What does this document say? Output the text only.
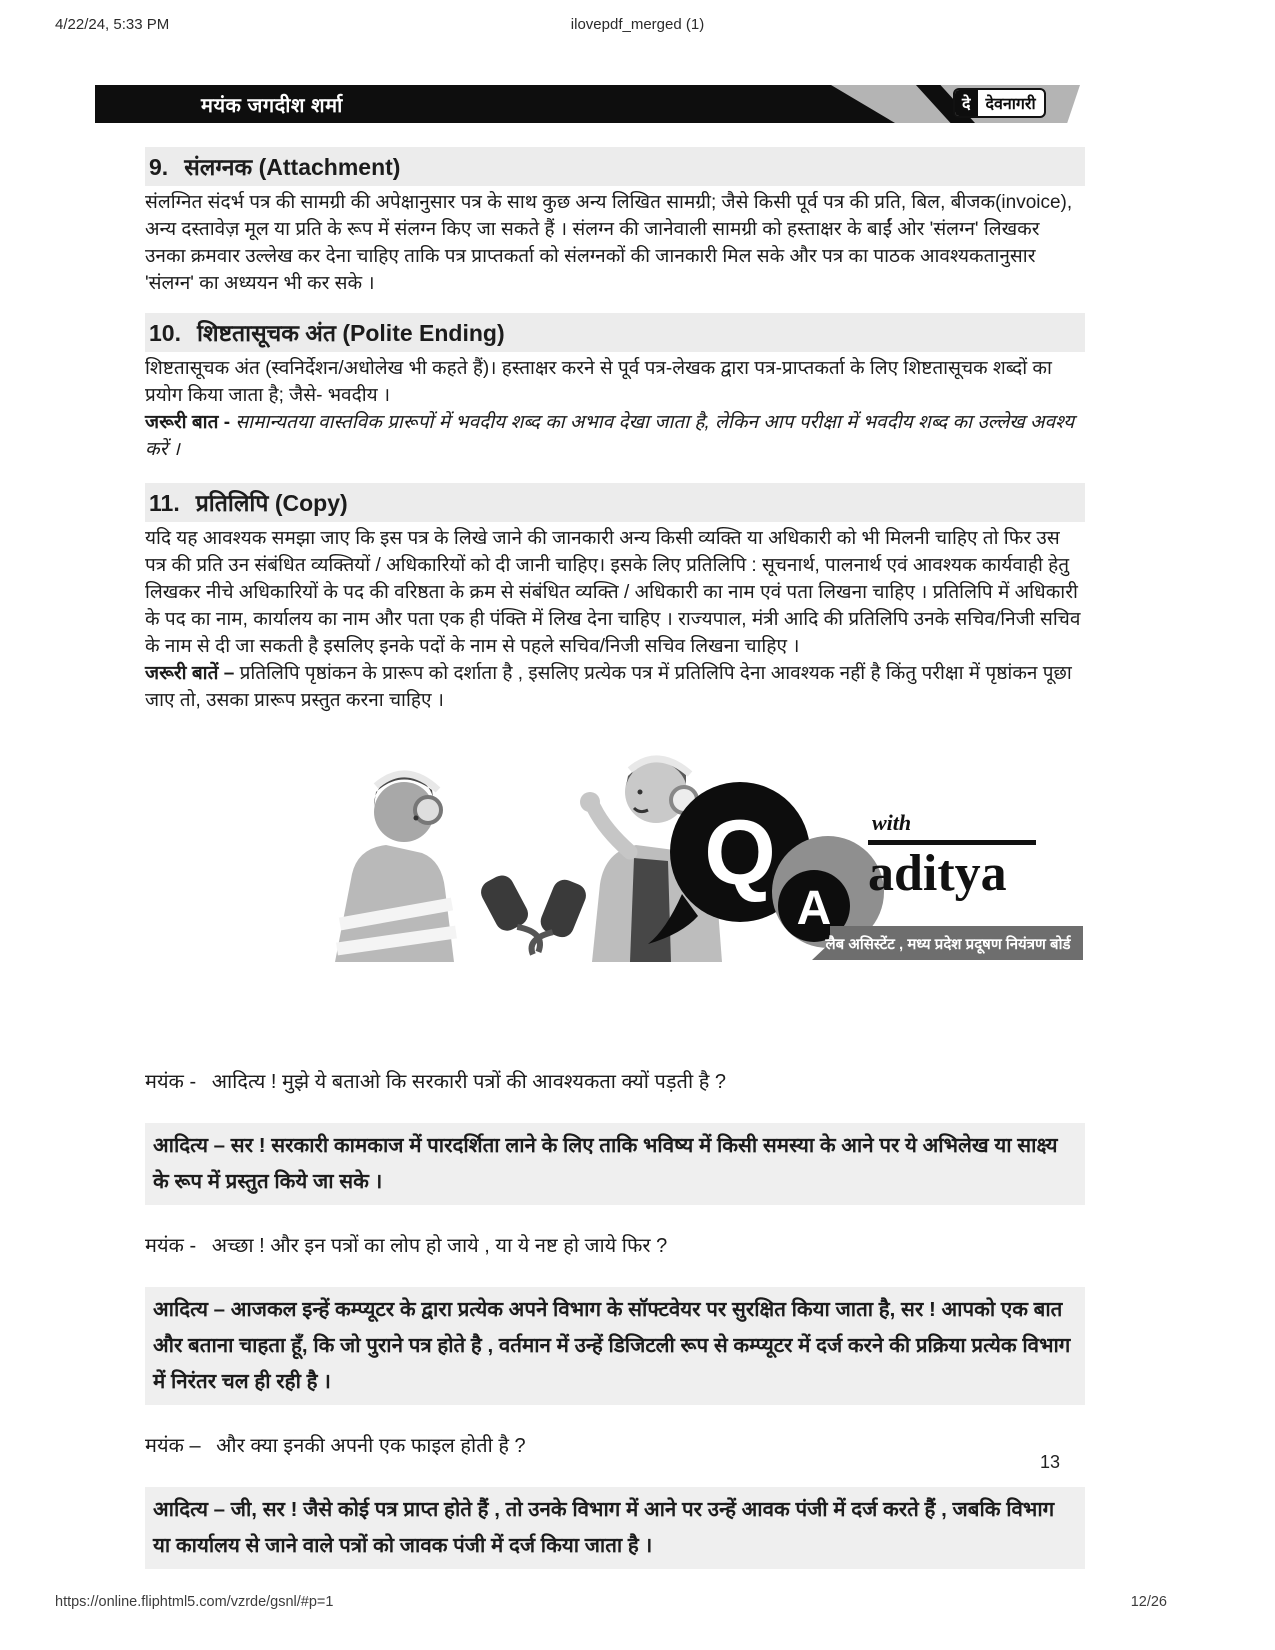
4/22/24, 5:33 PM	ilovepdf_merged (1)
मयंक जगदीश शर्मा	दे देवनागरी
9. संलग्नक (Attachment)

संलग्नित संदर्भ पत्र की सामग्री की अपेक्षानुसार पत्र के साथ कुछ अन्य लिखित सामग्री; जैसे किसी पूर्व पत्र की प्रति, बिल, बीजक(invoice), अन्य दस्तावेज़ मूल या प्रति के रूप में संलग्न किए जा सकते हैं । संलग्न की जानेवाली सामग्री को हस्ताक्षर के बाईं ओर 'संलग्न' लिखकर उनका क्रमवार उल्लेख कर देना चाहिए ताकि पत्र प्राप्तकर्ता को संलग्नकों की जानकारी मिल सके और पत्र का पाठक आवश्यकतानुसार 'संलग्न' का अध्ययन भी कर सके ।

10. शिष्टतासूचक अंत (Polite Ending)

शिष्टतासूचक अंत (स्वनिर्देशन/अधोलेख भी कहते हैं)। हस्ताक्षर करने से पूर्व पत्र-लेखक द्वारा पत्र-प्राप्तकर्ता के लिए शिष्टतासूचक शब्दों का प्रयोग किया जाता है; जैसे- भवदीय ।

जरूरी बात - सामान्यतया वास्तविक प्रारूपों में भवदीय शब्द का अभाव देखा जाता है, लेकिन आप परीक्षा में भवदीय शब्द का उल्लेख अवश्य करें ।

11. प्रतिलिपि (Copy)

यदि यह आवश्यक समझा जाए कि इस पत्र के लिखे जाने की जानकारी अन्य किसी व्यक्ति या अधिकारी को भी मिलनी चाहिए तो फिर उस पत्र की प्रति उन संबंधित व्यक्तियों / अधिकारियों को दी जानी चाहिए। इसके लिए प्रतिलिपि : सूचनार्थ, पालनार्थ एवं आवश्यक कार्यवाही हेतु लिखकर नीचे अधिकारियों के पद की वरिष्ठता के क्रम से संबंधित व्यक्ति / अधिकारी का नाम एवं पता लिखना चाहिए । प्रतिलिपि में अधिकारी के पद का नाम, कार्यालय का नाम और पता एक ही पंक्ति में लिख देना चाहिए । राज्यपाल, मंत्री आदि की प्रतिलिपि उनके सचिव/निजी सचिव के नाम से दी जा सकती है इसलिए इनके पदों के नाम से पहले सचिव/निजी सचिव लिखना चाहिए ।

जरूरी बातें – प्रतिलिपि पृष्ठांकन के प्रारूप को दर्शाता है , इसलिए प्रत्येक पत्र में प्रतिलिपि देना आवश्यक नहीं है किंतु परीक्षा में पृष्ठांकन पूछा जाए तो, उसका प्रारूप प्रस्तुत करना चाहिए ।

Q
A
with
aditya
लैब असिस्टेंट , मध्य प्रदेश प्रदूषण नियंत्रण बोर्ड

मयंक - आदित्य ! मुझे ये बताओ कि सरकारी पत्रों की आवश्यकता क्यों पड़ती है ?

आदित्य – सर ! सरकारी कामकाज में पारदर्शिता लाने के लिए ताकि भविष्य में किसी समस्या के आने पर ये अभिलेख या साक्ष्य के रूप में प्रस्तुत किये जा सके ।

मयंक - अच्छा ! और इन पत्रों का लोप हो जाये , या ये नष्ट हो जाये फिर ?

आदित्य – आजकल इन्हें कम्प्यूटर के द्वारा प्रत्येक अपने विभाग के सॉफ्टवेयर पर सुरक्षित किया जाता है, सर ! आपको एक बात और बताना चाहता हूँ, कि जो पुराने पत्र होते है , वर्तमान में उन्हें डिजिटली रूप से कम्प्यूटर में दर्ज करने की प्रक्रिया प्रत्येक विभाग में निरंतर चल ही रही है ।

मयंक – और क्या इनकी अपनी एक फाइल होती है ?

आदित्य – जी, सर ! जैसे कोई पत्र प्राप्त होते हैं , तो उनके विभाग में आने पर उन्हें आवक पंजी में दर्ज करते हैं , जबकि विभाग या कार्यालय से जाने वाले पत्रों को जावक पंजी में दर्ज किया जाता है ।

13
https://online.fliphtml5.com/vzrde/gsnl/#p=1	12/26
